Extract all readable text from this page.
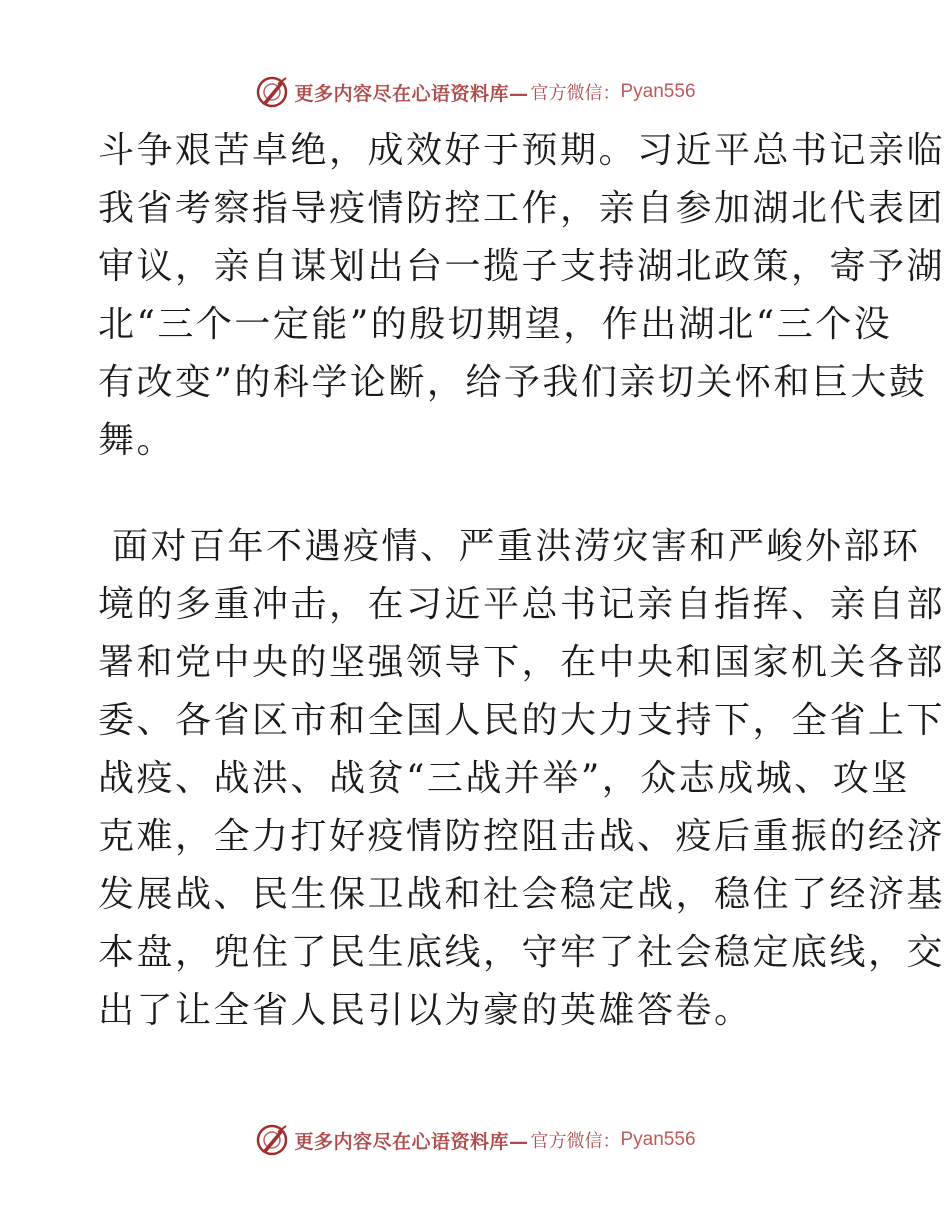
更多内容尽在心语资料库— 官方微信： Pyan556
斗争艰苦卓绝，成效好于预期。习近平总书记亲临
我省考察指导疫情防控工作，亲自参加湖北代表团
审议，亲自谋划出台一揽子支持湖北政策，寄予湖
北“三个一定能”的殷切期望，作出湖北“三个没
有改变”的科学论断，给予我们亲切关怀和巨大鼓
舞。
面对百年不遇疫情、严重洪涝灾害和严峻外部环
境的多重冲击，在习近平总书记亲自指挥、亲自部
署和党中央的坚强领导下，在中央和国家机关各部
委、各省区市和全国人民的大力支持下，全省上下
战疫、战洪、战贫“三战并举”，众志成城、攻坚
克难，全力打好疫情防控阻击战、疫后重振的经济
发展战、民生保卫战和社会稳定战，稳住了经济基
本盘，兜住了民生底线，守牢了社会稳定底线，交
出了让全省人民引以为豪的英雄答卷。
更多内容尽在心语资料库— 官方微信： Pyan556
